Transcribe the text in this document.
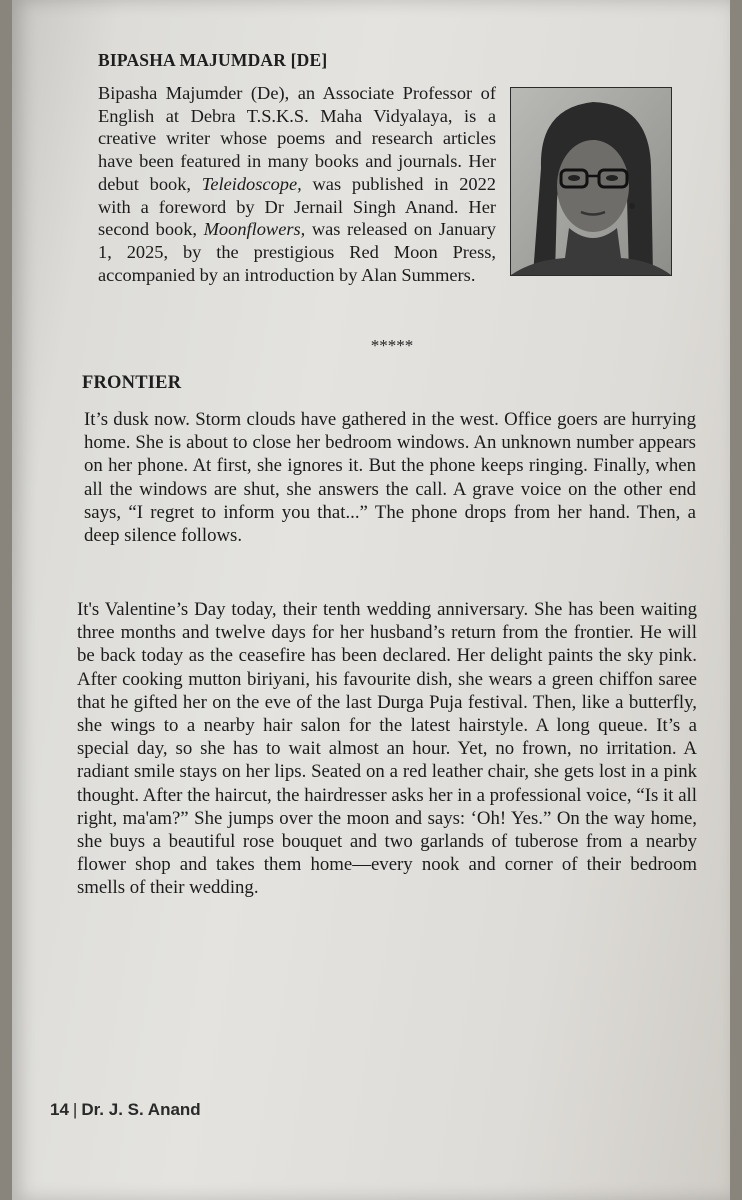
BIPASHA MAJUMDAR [DE]
Bipasha Majumder (De), an Associate Professor of English at Debra T.S.K.S. Maha Vidyalaya, is a creative writer whose poems and research articles have been featured in many books and journals. Her debut book, Teleidoscope, was published in 2022 with a foreword by Dr Jernail Singh Anand. Her second book, Moonflowers, was released on January 1, 2025, by the prestigious Red Moon Press, accompanied by an introduction by Alan Summers.
*****
FRONTIER

It’s dusk now. Storm clouds have gathered in the west. Office goers are hurrying home. She is about to close her bedroom windows. An unknown number appears on her phone. At first, she ignores it. But the phone keeps ringing. Finally, when all the windows are shut, she answers the call. A grave voice on the other end says, “I regret to inform you that...” The phone drops from her hand. Then, a deep silence follows.

It's Valentine’s Day today, their tenth wedding anniversary. She has been waiting three months and twelve days for her husband’s return from the frontier. He will be back today as the ceasefire has been declared. Her delight paints the sky pink. After cooking mutton biriyani, his favourite dish, she wears a green chiffon saree that he gifted her on the eve of the last Durga Puja festival. Then, like a butterfly, she wings to a nearby hair salon for the latest hairstyle. A long queue. It’s a special day, so she has to wait almost an hour. Yet, no frown, no irritation. A radiant smile stays on her lips. Seated on a red leather chair, she gets lost in a pink thought. After the haircut, the hairdresser asks her in a professional voice, “Is it all right, ma'am?” She jumps over the moon and says: ‘Oh! Yes.” On the way home, she buys a beautiful rose bouquet and two garlands of tuberose from a nearby flower shop and takes them home—every nook and corner of their bedroom smells of their wedding.

14 | Dr. J. S. Anand
